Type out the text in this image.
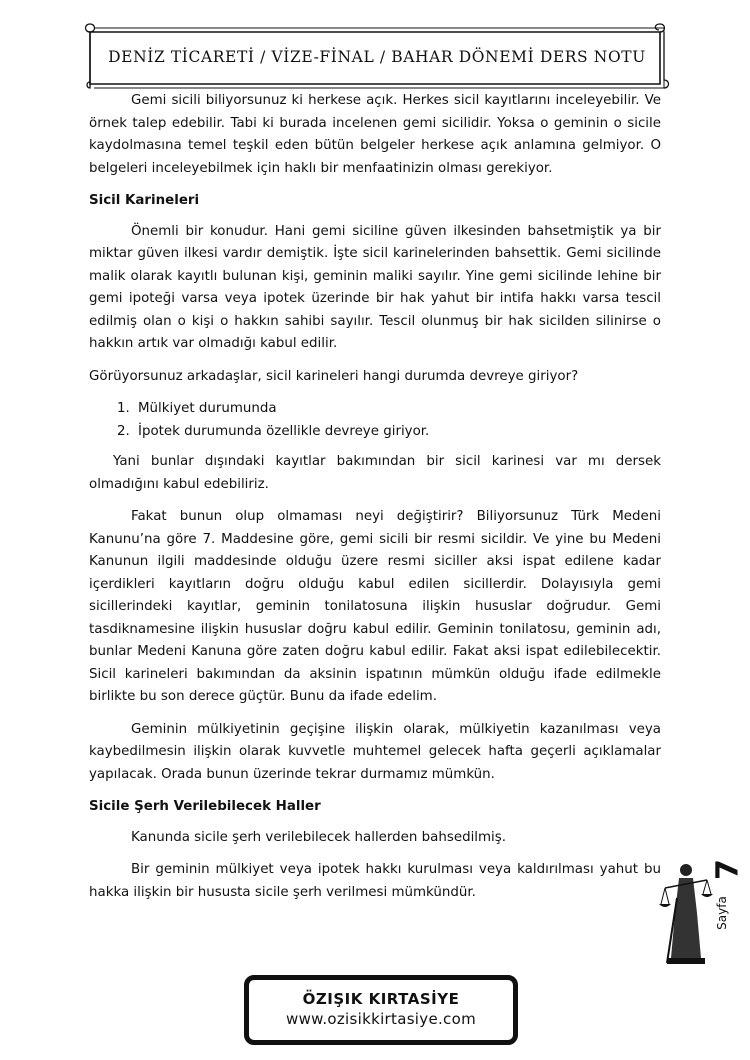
DENİZ TİCARETİ / VİZE-FİNAL / BAHAR DÖNEMİ DERS NOTU

Gemi sicili biliyorsunuz ki herkese açık. Herkes sicil kayıtlarını inceleyebilir. Ve örnek talep edebilir. Tabi ki burada incelenen gemi sicilidir. Yoksa o geminin o sicile kaydolmasına temel teşkil eden bütün belgeler herkese açık anlamına gelmiyor. O belgeleri inceleyebilmek için haklı bir menfaatinizin olması gerekiyor.

Sicil Karineleri

Önemli bir konudur. Hani gemi siciline güven ilkesinden bahsetmiştik ya bir miktar güven ilkesi vardır demiştik. İşte sicil karinelerinden bahsettik. Gemi sicilinde malik olarak kayıtlı bulunan kişi, geminin maliki sayılır. Yine gemi sicilinde lehine bir gemi ipoteği varsa veya ipotek üzerinde bir hak yahut bir intifa hakkı varsa tescil edilmiş olan o kişi o hakkın sahibi sayılır. Tescil olunmuş bir hak sicilden silinirse o hakkın artık var olmadığı kabul edilir.

Görüyorsunuz arkadaşlar, sicil karineleri hangi durumda devreye giriyor?

1. Mülkiyet durumunda
2. İpotek durumunda özellikle devreye giriyor.

Yani bunlar dışındaki kayıtlar bakımından bir sicil karinesi var mı dersek olmadığını kabul edebiliriz.

Fakat bunun olup olmaması neyi değiştirir? Biliyorsunuz Türk Medeni Kanunu’na göre 7. Maddesine göre, gemi sicili bir resmi sicildir. Ve yine bu Medeni Kanunun ilgili maddesinde olduğu üzere resmi siciller aksi ispat edilene kadar içerdikleri kayıtların doğru olduğu kabul edilen sicillerdir. Dolayısıyla gemi sicillerindeki kayıtlar, geminin tonilatosuna ilişkin hususlar doğrudur. Gemi tasdiknamesine ilişkin hususlar doğru kabul edilir. Geminin tonilatosu, geminin adı, bunlar Medeni Kanuna göre zaten doğru kabul edilir. Fakat aksi ispat edilebilecektir. Sicil karineleri bakımından da aksinin ispatının mümkün olduğu ifade edilmekle birlikte bu son derece güçtür. Bunu da ifade edelim.

Geminin mülkiyetinin geçişine ilişkin olarak, mülkiyetin kazanılması veya kaybedilmesin ilişkin olarak kuvvetle muhtemel gelecek hafta geçerli açıklamalar yapılacak. Orada bunun üzerinde tekrar durmamız mümkün.

Sicile Şerh Verilebilecek Haller

Kanunda sicile şerh verilebilecek hallerden bahsedilmiş.

Bir geminin mülkiyet veya ipotek hakkı kurulması veya kaldırılması yahut bu hakka ilişkin bir hususta sicile şerh verilmesi mümkündür.

7
Sayfa
ÖZIŞIK KIRTASİYE
www.ozisikkirtasiye.com
